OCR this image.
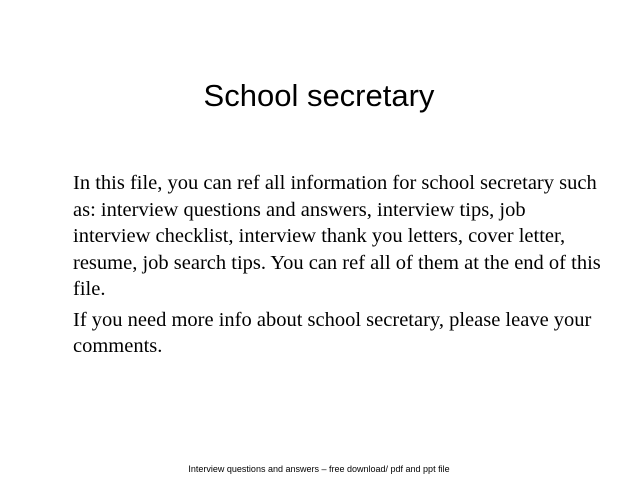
School secretary

In this file, you can ref all information for school secretary such as: interview questions and answers, interview tips, job interview checklist, interview thank you letters, cover letter, resume, job search tips. You can ref all of them at the end of this file.

If you need more info about school secretary, please leave your comments.

Interview questions and answers – free download/ pdf and ppt file
